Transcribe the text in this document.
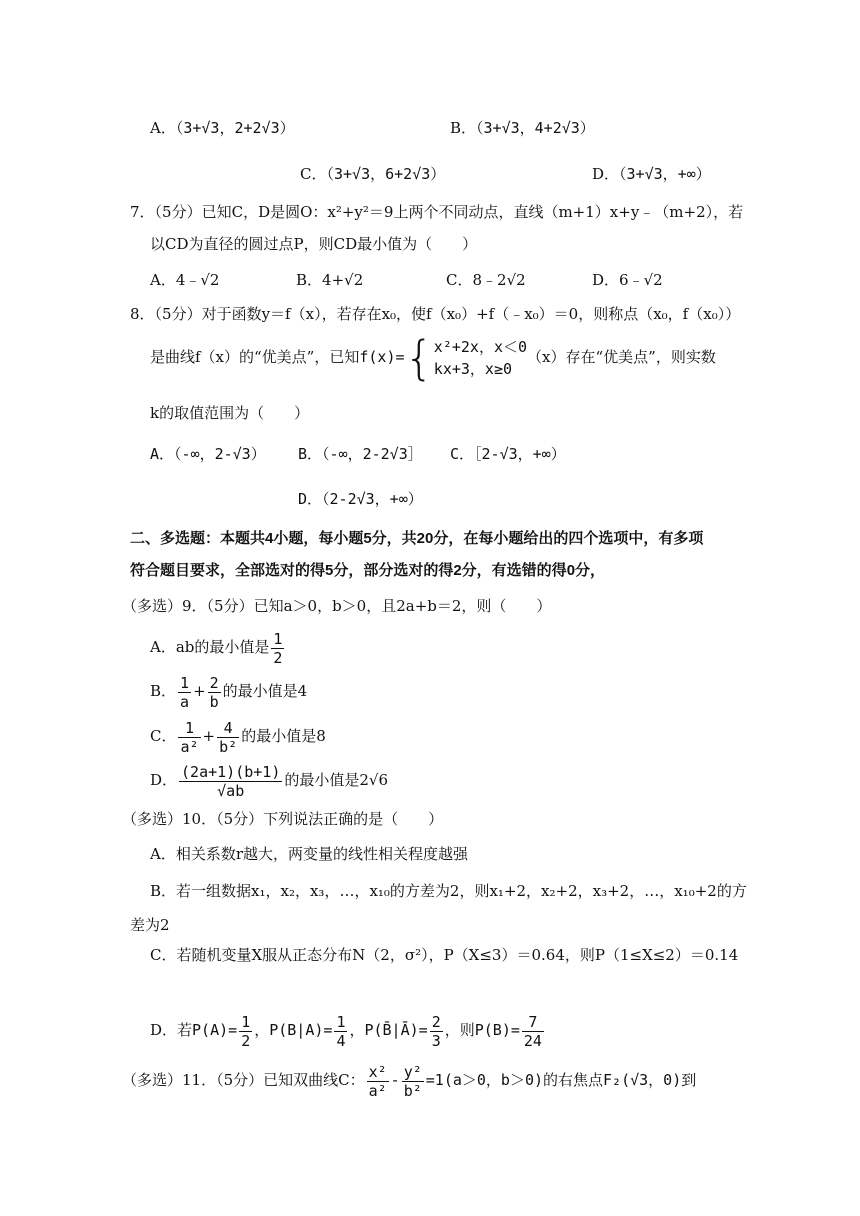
A．（3+√3，2+2√3）	B．（3+√3，4+2√3）
C．（3+√3，6+2√3）	D．（3+√3，+∞）
7．（5分）已知C，D是圆O：x²+y²＝9上两个不同动点，直线（m+1）x+y﹣（m+2），若
以CD为直径的圆过点P，则CD最小值为（　　）
A．4﹣√2	B．4+√2	C．8﹣2√2	D．6﹣√2
8．（5分）对于函数y＝f（x），若存在x₀，使f（x₀）+f（﹣x₀）＝0，则称点（x₀，f（x₀））
是曲线f（x）的“优美点”，已知f(x)={ x²+2x，x＜0
kx+3，x≥0
（x）存在“优美点”，则实数
k的取值范围为（　　）
A．（-∞，2-√3） B．（-∞，2-2√3］ C．［2-√3，+∞）
D．（2-2√3，+∞）
二、多选题：本题共4小题，每小题5分，共20分，在每小题给出的四个选项中，有多项
符合题目要求，全部选对的得5分，部分选对的得2分，有选错的得0分，
（多选）9．（5分）已知a＞0，b＞0，且2a+b＝2，则（　　）
A．ab的最小值是 $\frac{1}{2}$
B． $\frac{1}{a} + \frac{2}{b}$ 的最小值是4
C． $\frac{1}{\text{a²}} + \frac{4}{\text{b²}}$ 的最小值是8
D． $\frac{(2a+1)(b+1)}{√ab}$ 的最小值是2√6
（多选）10．（5分）下列说法正确的是（　　）
A．相关系数r越大，两变量的线性相关程度越强
B．若一组数据x₁，x₂，x₃，…，x₁₀的方差为2，则x₁+2，x₂+2，x₃+2，…，x₁₀+2的方
差为2
C．若随机变量X服从正态分布N（2，σ²），P（X≤3）＝0.64，则P（1≤X≤2）＝0.14
D．若$P(A)= \frac{1}{2}$ ，$P(B|A)= \frac{1}{4}$ ，P(B̄|Ā)= $\frac{2}{3}$ ，则$P(B)= \frac{7}{24}$
（多选）11．（5分）已知双曲线C： $\frac{\text{x²}}{\text{a²}} - \frac{\text{y²}}{\text{b²}} =1(a>0$，b＞0)的右焦点F₂(√3，0)到
